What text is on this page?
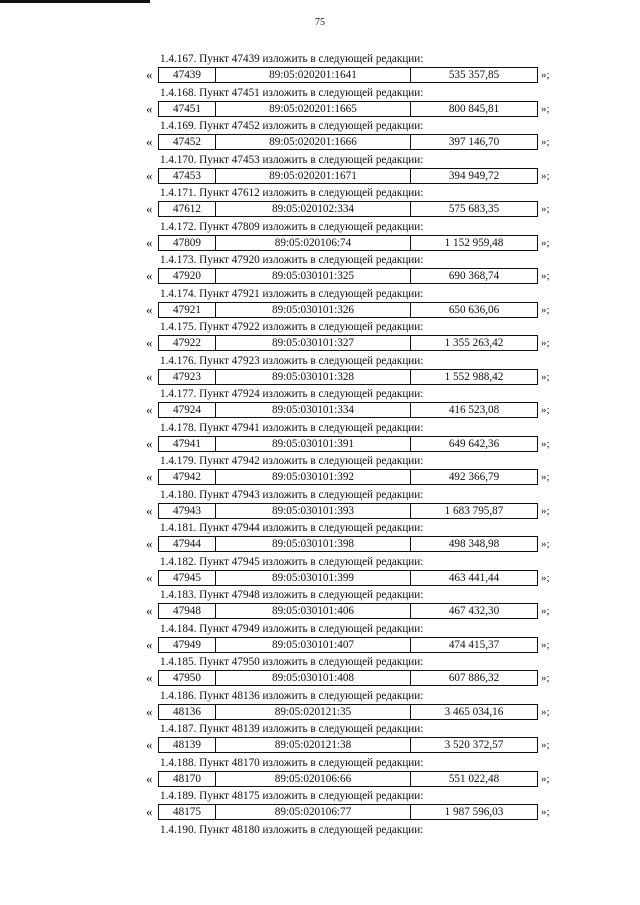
75
1.4.167. Пункт 47439 изложить в следующей редакции:
«	47439	89:05:020201:1641	535 357,85	»;
1.4.168. Пункт 47451 изложить в следующей редакции:
«	47451	89:05:020201:1665	800 845,81	»;
1.4.169. Пункт 47452 изложить в следующей редакции:
«	47452	89:05:020201:1666	397 146,70	»;
1.4.170. Пункт 47453 изложить в следующей редакции:
«	47453	89:05:020201:1671	394 949,72	»;
1.4.171. Пункт 47612 изложить в следующей редакции:
«	47612	89:05:020102:334	575 683,35	»;
1.4.172. Пункт 47809 изложить в следующей редакции:
«	47809	89:05:020106:74	1 152 959,48	»;
1.4.173. Пункт 47920 изложить в следующей редакции:
«	47920	89:05:030101:325	690 368,74	»;
1.4.174. Пункт 47921 изложить в следующей редакции:
«	47921	89:05:030101:326	650 636,06	»;
1.4.175. Пункт 47922 изложить в следующей редакции:
«	47922	89:05:030101:327	1 355 263,42	»;
1.4.176. Пункт 47923 изложить в следующей редакции:
«	47923	89:05:030101:328	1 552 988,42	»;
1.4.177. Пункт 47924 изложить в следующей редакции:
«	47924	89:05:030101:334	416 523,08	»;
1.4.178. Пункт 47941 изложить в следующей редакции:
«	47941	89:05:030101:391	649 642,36	»;
1.4.179. Пункт 47942 изложить в следующей редакции:
«	47942	89:05:030101:392	492 366,79	»;
1.4.180. Пункт 47943 изложить в следующей редакции:
«	47943	89:05:030101:393	1 683 795,87	»;
1.4.181. Пункт 47944 изложить в следующей редакции:
«	47944	89:05:030101:398	498 348,98	»;
1.4.182. Пункт 47945 изложить в следующей редакции:
«	47945	89:05:030101:399	463 441,44	»;
1.4.183. Пункт 47948 изложить в следующей редакции:
«	47948	89:05:030101:406	467 432,30	»;
1.4.184. Пункт 47949 изложить в следующей редакции:
«	47949	89:05:030101:407	474 415,37	»;
1.4.185. Пункт 47950 изложить в следующей редакции:
«	47950	89:05:030101:408	607 886,32	»;
1.4.186. Пункт 48136 изложить в следующей редакции:
«	48136	89:05:020121:35	3 465 034,16	»;
1.4.187. Пункт 48139 изложить в следующей редакции:
«	48139	89:05:020121:38	3 520 372,57	»;
1.4.188. Пункт 48170 изложить в следующей редакции:
«	48170	89:05:020106:66	551 022,48	»;
1.4.189. Пункт 48175 изложить в следующей редакции:
«	48175	89:05:020106:77	1 987 596,03	»;
1.4.190. Пункт 48180 изложить в следующей редакции:
